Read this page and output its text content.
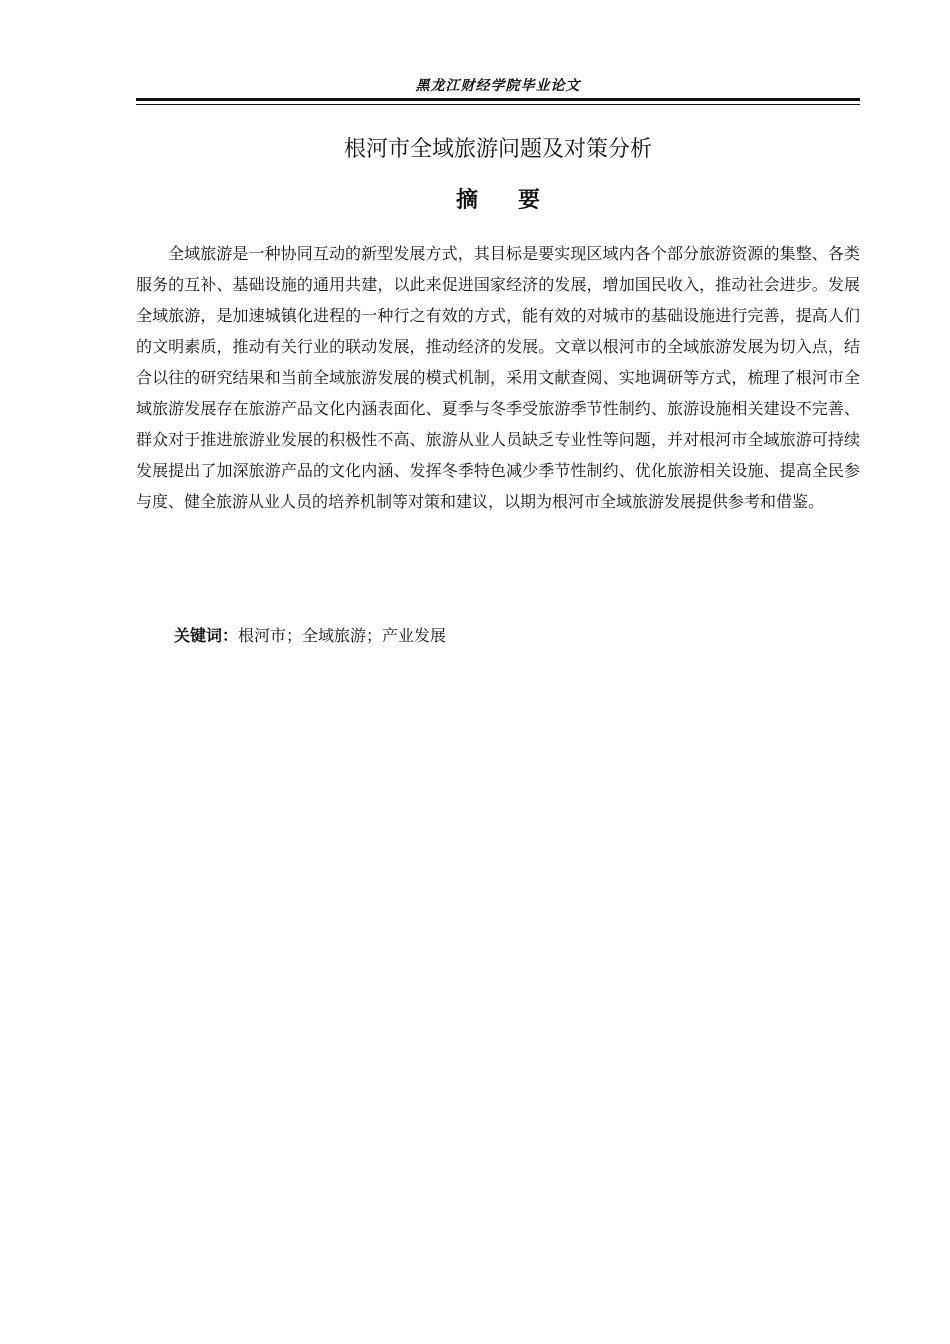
黑龙江财经学院毕业论文
根河市全域旅游问题及对策分析
摘要

全域旅游是一种协同互动的新型发展方式，其目标是要实现区域内各个部分旅游资源的集整、各类服务的互补、基础设施的通用共建，以此来促进国家经济的发展，增加国民收入，推动社会进步。发展全域旅游，是加速城镇化进程的一种行之有效的方式，能有效的对城市的基础设施进行完善，提高人们的文明素质，推动有关行业的联动发展，推动经济的发展。文章以根河市的全域旅游发展为切入点，结合以往的研究结果和当前全域旅游发展的模式机制，采用文献查阅、实地调研等方式，梳理了根河市全域旅游发展存在旅游产品文化内涵表面化、夏季与冬季受旅游季节性制约、旅游设施相关建设不完善、群众对于推进旅游业发展的积极性不高、旅游从业人员缺乏专业性等问题，并对根河市全域旅游可持续发展提出了加深旅游产品的文化内涵、发挥冬季特色减少季节性制约、优化旅游相关设施、提高全民参与度、健全旅游从业人员的培养机制等对策和建议，以期为根河市全域旅游发展提供参考和借鉴。

关键词：根河市；全域旅游；产业发展
